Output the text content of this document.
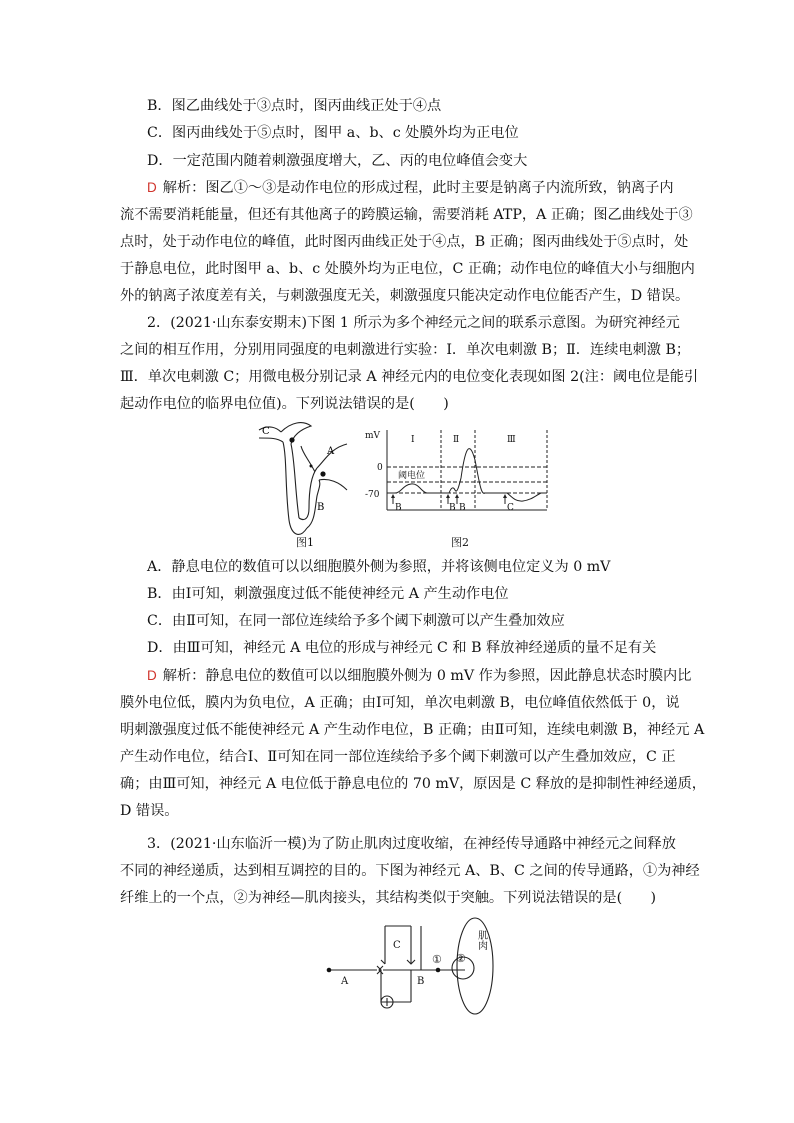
B．图乙曲线处于③点时，图丙曲线正处于④点
C．图丙曲线处于⑤点时，图甲 a、b、c 处膜外均为正电位
D．一定范围内随着刺激强度增大，乙、丙的电位峰值会变大
D 解析：图乙①～③是动作电位的形成过程，此时主要是钠离子内流所致，钠离子内
流不需要消耗能量，但还有其他离子的跨膜运输，需要消耗 ATP，A 正确；图乙曲线处于③
点时，处于动作电位的峰值，此时图丙曲线正处于④点，B 正确；图丙曲线处于⑤点时，处
于静息电位，此时图甲 a、b、c 处膜外均为正电位，C 正确；动作电位的峰值大小与细胞内
外的钠离子浓度差有关，与刺激强度无关，刺激强度只能决定动作电位能否产生，D 错误。
2．(2021·山东泰安期末)下图 1 所示为多个神经元之间的联系示意图。为研究神经元
之间的相互作用，分别用同强度的电刺激进行实验：Ⅰ．单次电刺激 B；Ⅱ．连续电刺激 B；
Ⅲ．单次电刺激 C；用微电极分别记录 A 神经元内的电位变化表现如图 2(注：阈电位是能引
起动作电位的临界电位值)。下列说法错误的是(　　)
C
A
B
图1
mV
0
-70
阈电位
Ⅰ	Ⅱ	Ⅲ
B	B B	C
图2
A．静息电位的数值可以以细胞膜外侧为参照，并将该侧电位定义为 0 mV
B．由Ⅰ可知，刺激强度过低不能使神经元 A 产生动作电位
C．由Ⅱ可知，在同一部位连续给予多个阈下刺激可以产生叠加效应
D．由Ⅲ可知，神经元 A 电位的形成与神经元 C 和 B 释放神经递质的量不足有关
D 解析：静息电位的数值可以以细胞膜外侧为 0 mV 作为参照，因此静息状态时膜内比
膜外电位低，膜内为负电位，A 正确；由Ⅰ可知，单次电刺激 B，电位峰值依然低于 0，说
明刺激强度过低不能使神经元 A 产生动作电位，B 正确；由Ⅱ可知，连续电刺激 B，神经元 A
产生动作电位，结合Ⅰ、Ⅱ可知在同一部位连续给予多个阈下刺激可以产生叠加效应，C 正
确；由Ⅲ可知，神经元 A 电位低于静息电位的 70 mV，原因是 C 释放的是抑制性神经递质，
D 错误。
3．(2021·山东临沂一模)为了防止肌肉过度收缩，在神经传导通路中神经元之间释放
不同的神经递质，达到相互调控的目的。下图为神经元 A、B、C 之间的传导通路，①为神经
纤维上的一个点，②为神经—肌肉接头，其结构类似于突触。下列说法错误的是(　　)
A	B
C
① ②
肌肉
